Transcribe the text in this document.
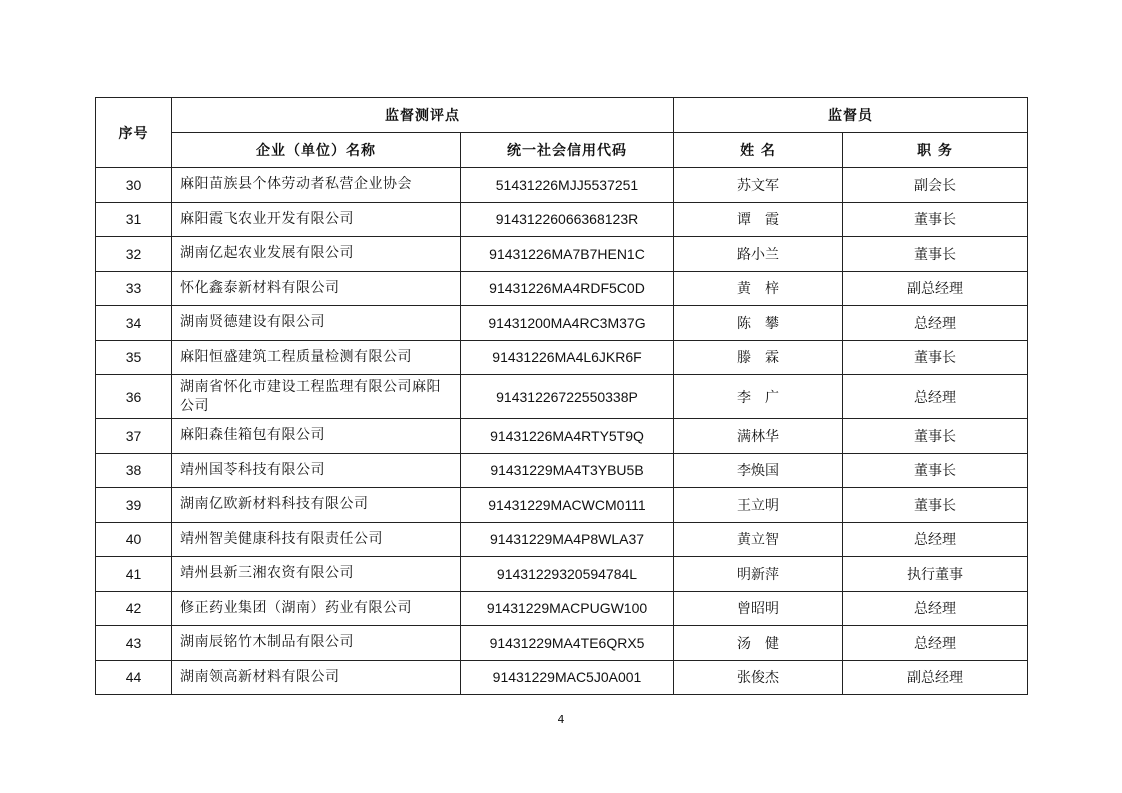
序号	监督测评点		监督员	
	企业（单位）名称	统一社会信用代码	姓 名	职 务
30	麻阳苗族县个体劳动者私营企业协会	51431226MJJ5537251	苏文军	副会长
31	麻阳霞飞农业开发有限公司	91431226066368123R	谭　霞	董事长
32	湖南亿起农业发展有限公司	91431226MA7B7HEN1C	路小兰	董事长
33	怀化鑫泰新材料有限公司	91431226MA4RDF5C0D	黄　梓	副总经理
34	湖南贤德建设有限公司	91431200MA4RC3M37G	陈　攀	总经理
35	麻阳恒盛建筑工程质量检测有限公司	91431226MA4L6JKR6F	滕　霖	董事长
36	湖南省怀化市建设工程监理有限公司麻阳公司	91431226722550338P	李　广	总经理
37	麻阳森佳箱包有限公司	91431226MA4RTY5T9Q	满林华	董事长
38	靖州国苓科技有限公司	91431229MA4T3YBU5B	李焕国	董事长
39	湖南亿欧新材料科技有限公司	91431229MACWCM0111	王立明	董事长
40	靖州智美健康科技有限责任公司	91431229MA4P8WLA37	黄立智	总经理
41	靖州县新三湘农资有限公司	91431229320594784L	明新萍	执行董事
42	修正药业集团（湖南）药业有限公司	91431229MACPUGW100	曾昭明	总经理
43	湖南辰铭竹木制品有限公司	91431229MA4TE6QRX5	汤　健	总经理
44	湖南领高新材料有限公司	91431229MAC5J0A001	张俊杰	副总经理
4
